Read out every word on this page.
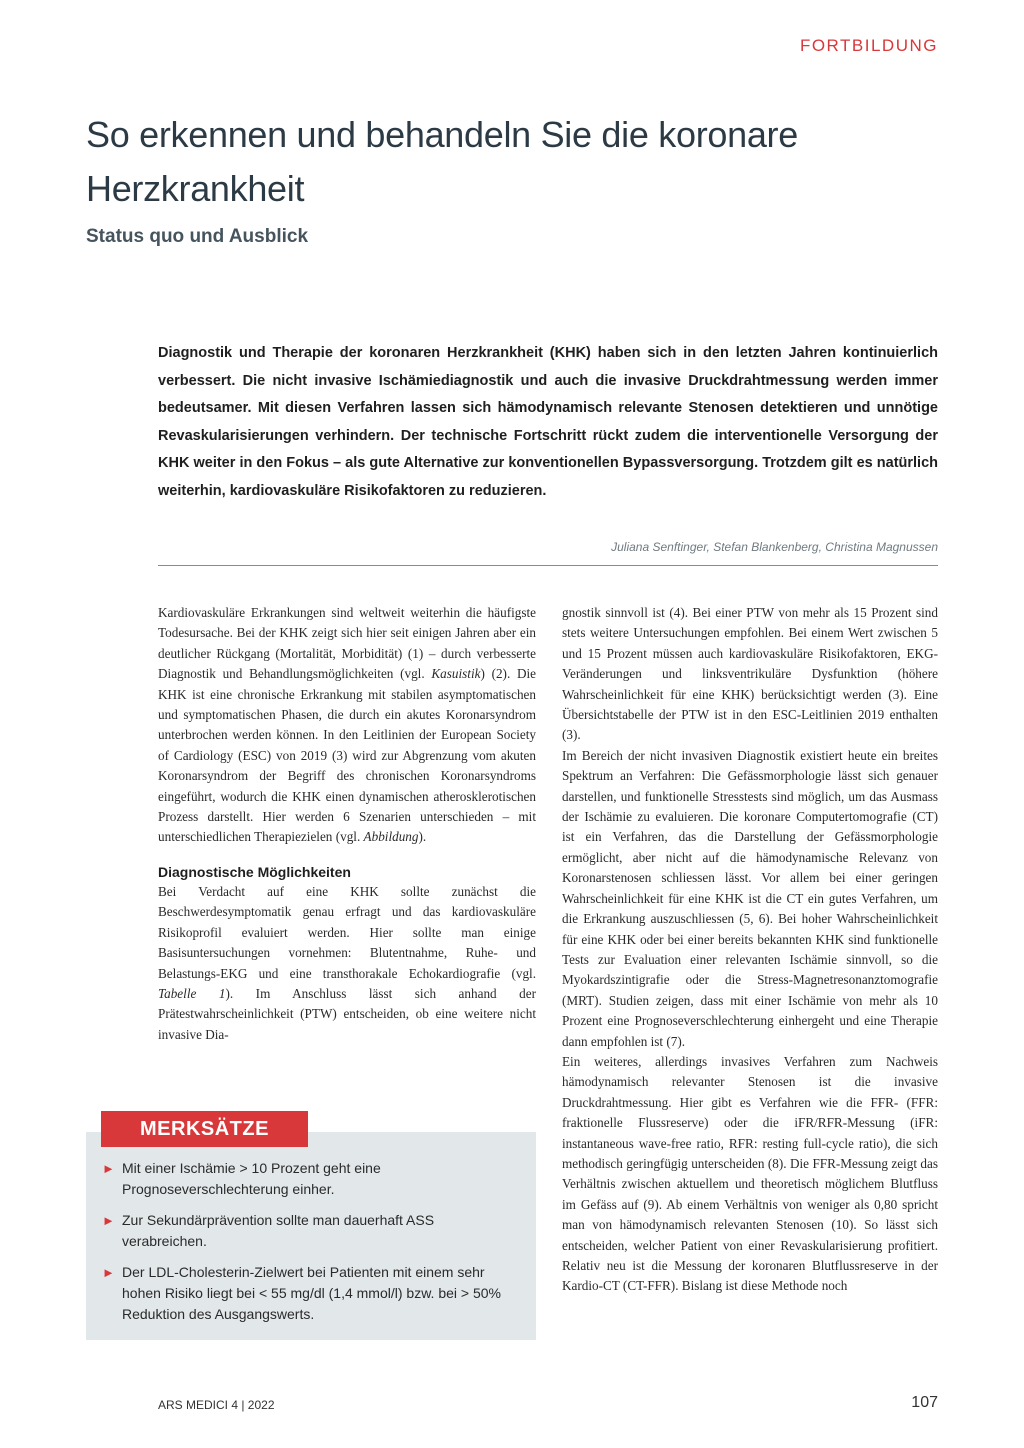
FORTBILDUNG
So erkennen und behandeln Sie die koronare Herzkrankheit
Status quo und Ausblick

Diagnostik und Therapie der koronaren Herzkrankheit (KHK) haben sich in den letzten Jahren kontinuierlich verbessert. Die nicht invasive Ischämiediagnostik und auch die invasive Druckdrahtmessung werden immer bedeutsamer. Mit diesen Verfahren lassen sich hämodynamisch relevante Stenosen detektieren und unnötige Revaskularisierungen verhindern. Der technische Fortschritt rückt zudem die interventionelle Versorgung der KHK weiter in den Fokus – als gute Alternative zur konventionellen Bypassversorgung. Trotzdem gilt es natürlich weiterhin, kardiovaskuläre Risikofaktoren zu reduzieren.

Juliana Senftinger, Stefan Blankenberg, Christina Magnussen

Kardiovaskuläre Erkrankungen sind weltweit weiterhin die häufigste Todesursache. Bei der KHK zeigt sich hier seit einigen Jahren aber ein deutlicher Rückgang (Mortalität, Morbidität) (1) – durch verbesserte Diagnostik und Behandlungsmöglichkeiten (vgl. Kasuistik) (2). Die KHK ist eine chronische Erkrankung mit stabilen asymptomatischen und symptomatischen Phasen, die durch ein akutes Koronarsyndrom unterbrochen werden können. In den Leitlinien der European Society of Cardiology (ESC) von 2019 (3) wird zur Abgrenzung vom akuten Koronarsyndrom der Begriff des chronischen Koronarsyndroms eingeführt, wodurch die KHK einen dynamischen atherosklerotischen Prozess darstellt. Hier werden 6 Szenarien unterschieden – mit unterschiedlichen Therapiezielen (vgl. Abbildung).

Diagnostische Möglichkeiten

Bei Verdacht auf eine KHK sollte zunächst die Beschwerdesymptomatik genau erfragt und das kardiovaskuläre Risikoprofil evaluiert werden. Hier sollte man einige Basisuntersuchungen vornehmen: Blutentnahme, Ruhe- und Belastungs-EKG und eine transthorakale Echokardiografie (vgl. Tabelle 1). Im Anschluss lässt sich anhand der Prätestwahrscheinlichkeit (PTW) entscheiden, ob eine weitere nicht invasive Dia-

gnostik sinnvoll ist (4). Bei einer PTW von mehr als 15 Prozent sind stets weitere Untersuchungen empfohlen. Bei einem Wert zwischen 5 und 15 Prozent müssen auch kardiovaskuläre Risikofaktoren, EKG-Veränderungen und linksventrikuläre Dysfunktion (höhere Wahrscheinlichkeit für eine KHK) berücksichtigt werden (3). Eine Übersichtstabelle der PTW ist in den ESC-Leitlinien 2019 enthalten (3).

Im Bereich der nicht invasiven Diagnostik existiert heute ein breites Spektrum an Verfahren: Die Gefässmorphologie lässt sich genauer darstellen, und funktionelle Stresstests sind möglich, um das Ausmass der Ischämie zu evaluieren. Die koronare Computertomografie (CT) ist ein Verfahren, das die Darstellung der Gefässmorphologie ermöglicht, aber nicht auf die hämodynamische Relevanz von Koronarstenosen schliessen lässt. Vor allem bei einer geringen Wahrscheinlichkeit für eine KHK ist die CT ein gutes Verfahren, um die Erkrankung auszuschliessen (5, 6). Bei hoher Wahrscheinlichkeit für eine KHK oder bei einer bereits bekannten KHK sind funktionelle Tests zur Evaluation einer relevanten Ischämie sinnvoll, so die Myokardszintigrafie oder die Stress-Magnetresonanztomografie (MRT). Studien zeigen, dass mit einer Ischämie von mehr als 10 Prozent eine Prognoseverschlechterung einhergeht und eine Therapie dann empfohlen ist (7).

Ein weiteres, allerdings invasives Verfahren zum Nachweis hämodynamisch relevanter Stenosen ist die invasive Druckdrahtmessung. Hier gibt es Verfahren wie die FFR- (FFR: fraktionelle Flussreserve) oder die iFR/RFR-Messung (iFR: instantaneous wave-free ratio, RFR: resting full-cycle ratio), die sich methodisch geringfügig unterscheiden (8). Die FFR-Messung zeigt das Verhältnis zwischen aktuellem und theoretisch möglichem Blutfluss im Gefäss auf (9). Ab einem Verhältnis von weniger als 0,80 spricht man von hämodynamisch relevanten Stenosen (10). So lässt sich entscheiden, welcher Patient von einer Revaskularisierung profitiert. Relativ neu ist die Messung der koronaren Blutflussreserve in der Kardio-CT (CT-FFR). Bislang ist diese Methode noch

► Mit einer Ischämie > 10 Prozent geht eine Prognoseverschlechterung einher.
► Zur Sekundärprävention sollte man dauerhaft ASS verabreichen.
► Der LDL-Cholesterin-Zielwert bei Patienten mit einem sehr hohen Risiko liegt bei < 55 mg/dl (1,4 mmol/l) bzw. bei > 50% Reduktion des Ausgangswerts.
MERKSÄTZE
ARS MEDICI 4 | 2022	107
